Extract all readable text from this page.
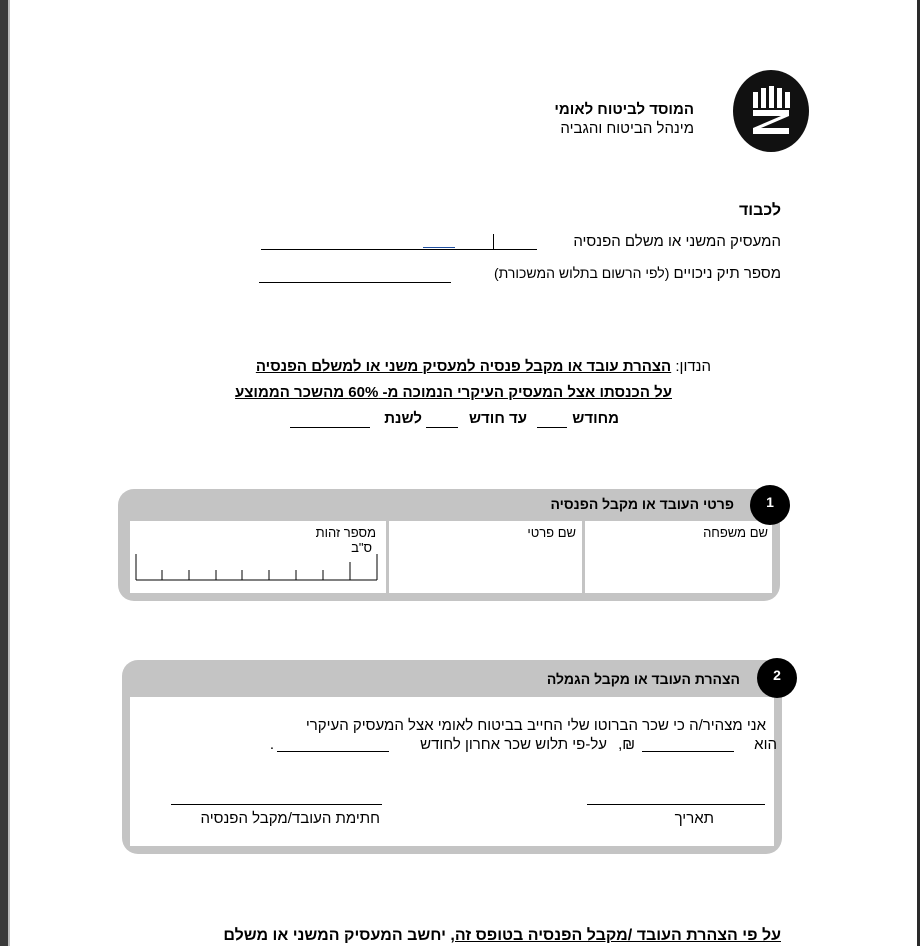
המוסד לביטוח לאומי
מינהל הביטוח והגביה
לכבוד
המעסיק המשני או משלם הפנסיה
מספר תיק ניכויים (לפי הרשום בתלוש המשכורת)
הנדון: הצהרת עובד או מקבל פנסיה למעסיק משני או למשלם הפנסיה
על הכנסתו אצל המעסיק העיקרי הנמוכה מ- 60% מהשכר הממוצע
מחודש
עד חודש
לשנת
פרטי העובד או מקבל הפנסיה	1
שם משפחה
שם פרטי
מספר זהות
ס"ב
הצהרת העובד או מקבל הגמלה	2
אני מצהיר/ה כי שכר הברוטו שלי החייב בביטוח לאומי אצל המעסיק העיקרי
הוא
₪,
על-פי תלוש שכר אחרון לחודש
.
תאריך
חתימת העובד/מקבל הפנסיה
על פי הצהרת העובד /מקבל הפנסיה בטופס זה, יחשב המעסיק המשני או משלם
